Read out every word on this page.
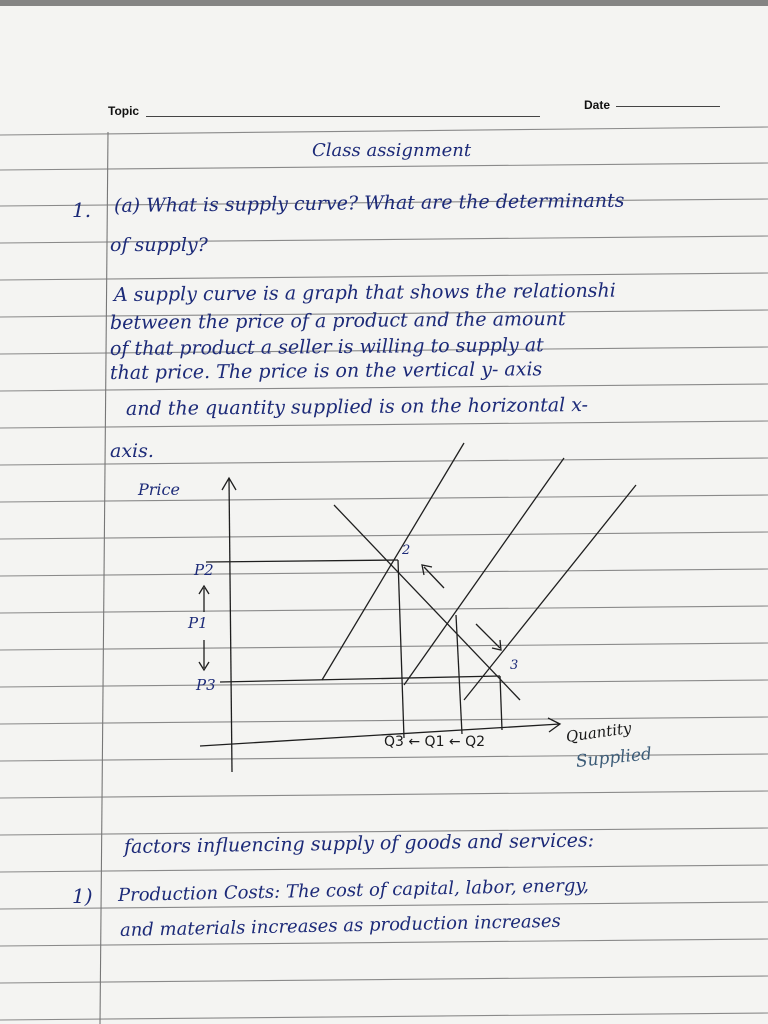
Topic	Date
Class assignment
1. (a) What is supply curve? What are the determinants
of supply?
A supply curve is a graph that shows the relationshi
between the price of a product and the amount
of that product a seller is willing to supply at
that price. The price is on the vertical y- axis
and the quantity supplied is on the horizontal x-
axis.
Price
P2
P1
P3
2
3
Q3 ← Q1 ← Q2	Quantity
Supplied
factors influencing supply of goods and services:
1) Production Costs: The cost of capital, labor, energy,
and materials increases as production increases
